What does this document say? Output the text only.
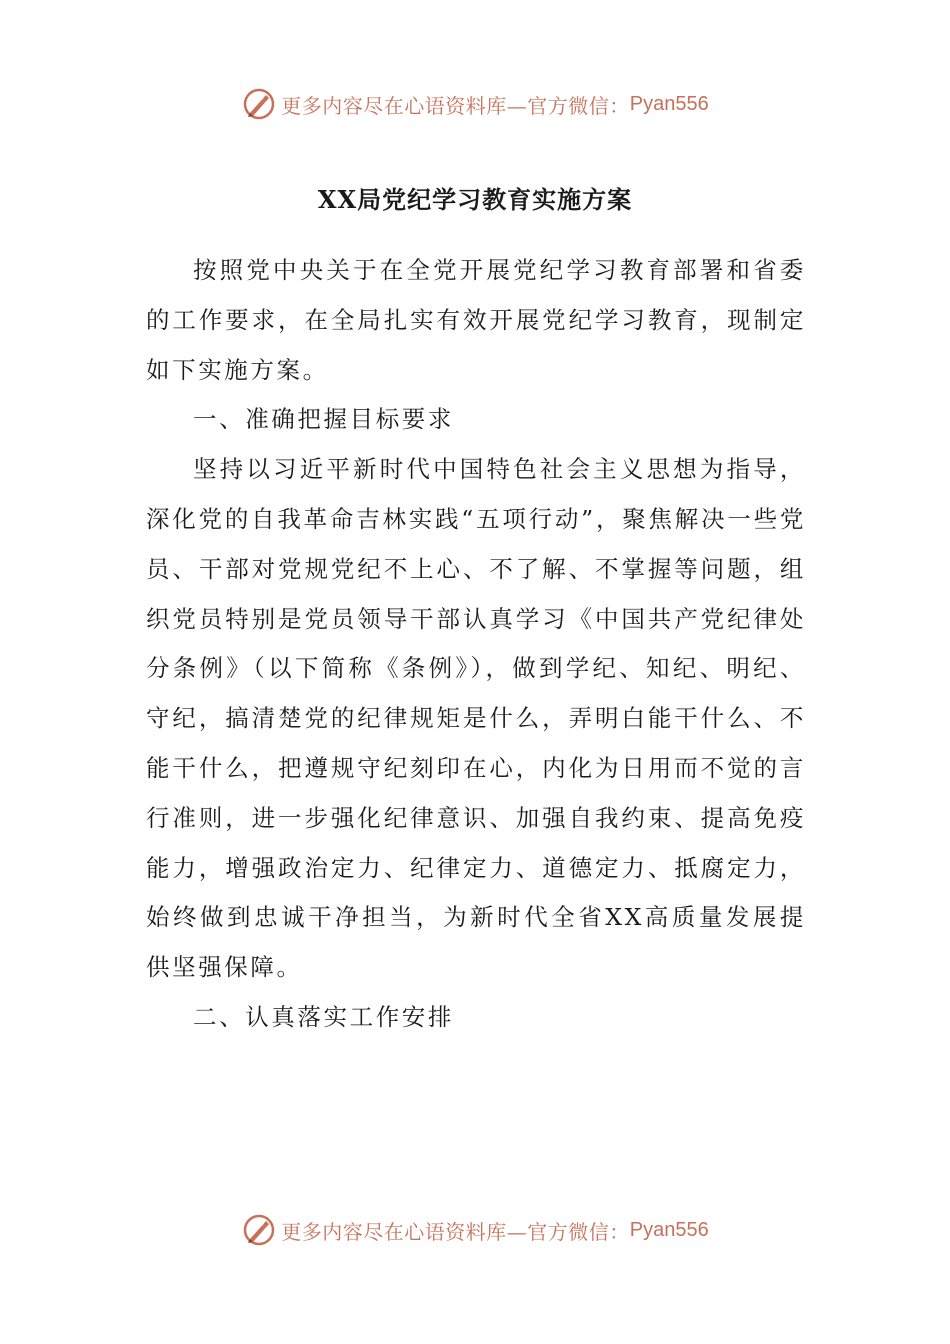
更多内容尽在心语资料库—官方微信： Pyan556
XX局党纪学习教育实施方案

按照党中央关于在全党开展党纪学习教育部署和省委的工作要求，在全局扎实有效开展党纪学习教育，现制定如下实施方案。

一、准确把握目标要求

坚持以习近平新时代中国特色社会主义思想为指导，深化党的自我革命吉林实践“五项行动”，聚焦解决一些党员、干部对党规党纪不上心、不了解、不掌握等问题，组织党员特别是党员领导干部认真学习《中国共产党纪律处分条例》（以下简称《条例》），做到学纪、知纪、明纪、守纪，搞清楚党的纪律规矩是什么，弄明白能干什么、不能干什么，把遵规守纪刻印在心，内化为日用而不觉的言行准则，进一步强化纪律意识、加强自我约束、提高免疫能力，增强政治定力、纪律定力、道德定力、抵腐定力，始终做到忠诚干净担当，为新时代全省XX高质量发展提供坚强保障。

二、认真落实工作安排

更多内容尽在心语资料库—官方微信： Pyan556
